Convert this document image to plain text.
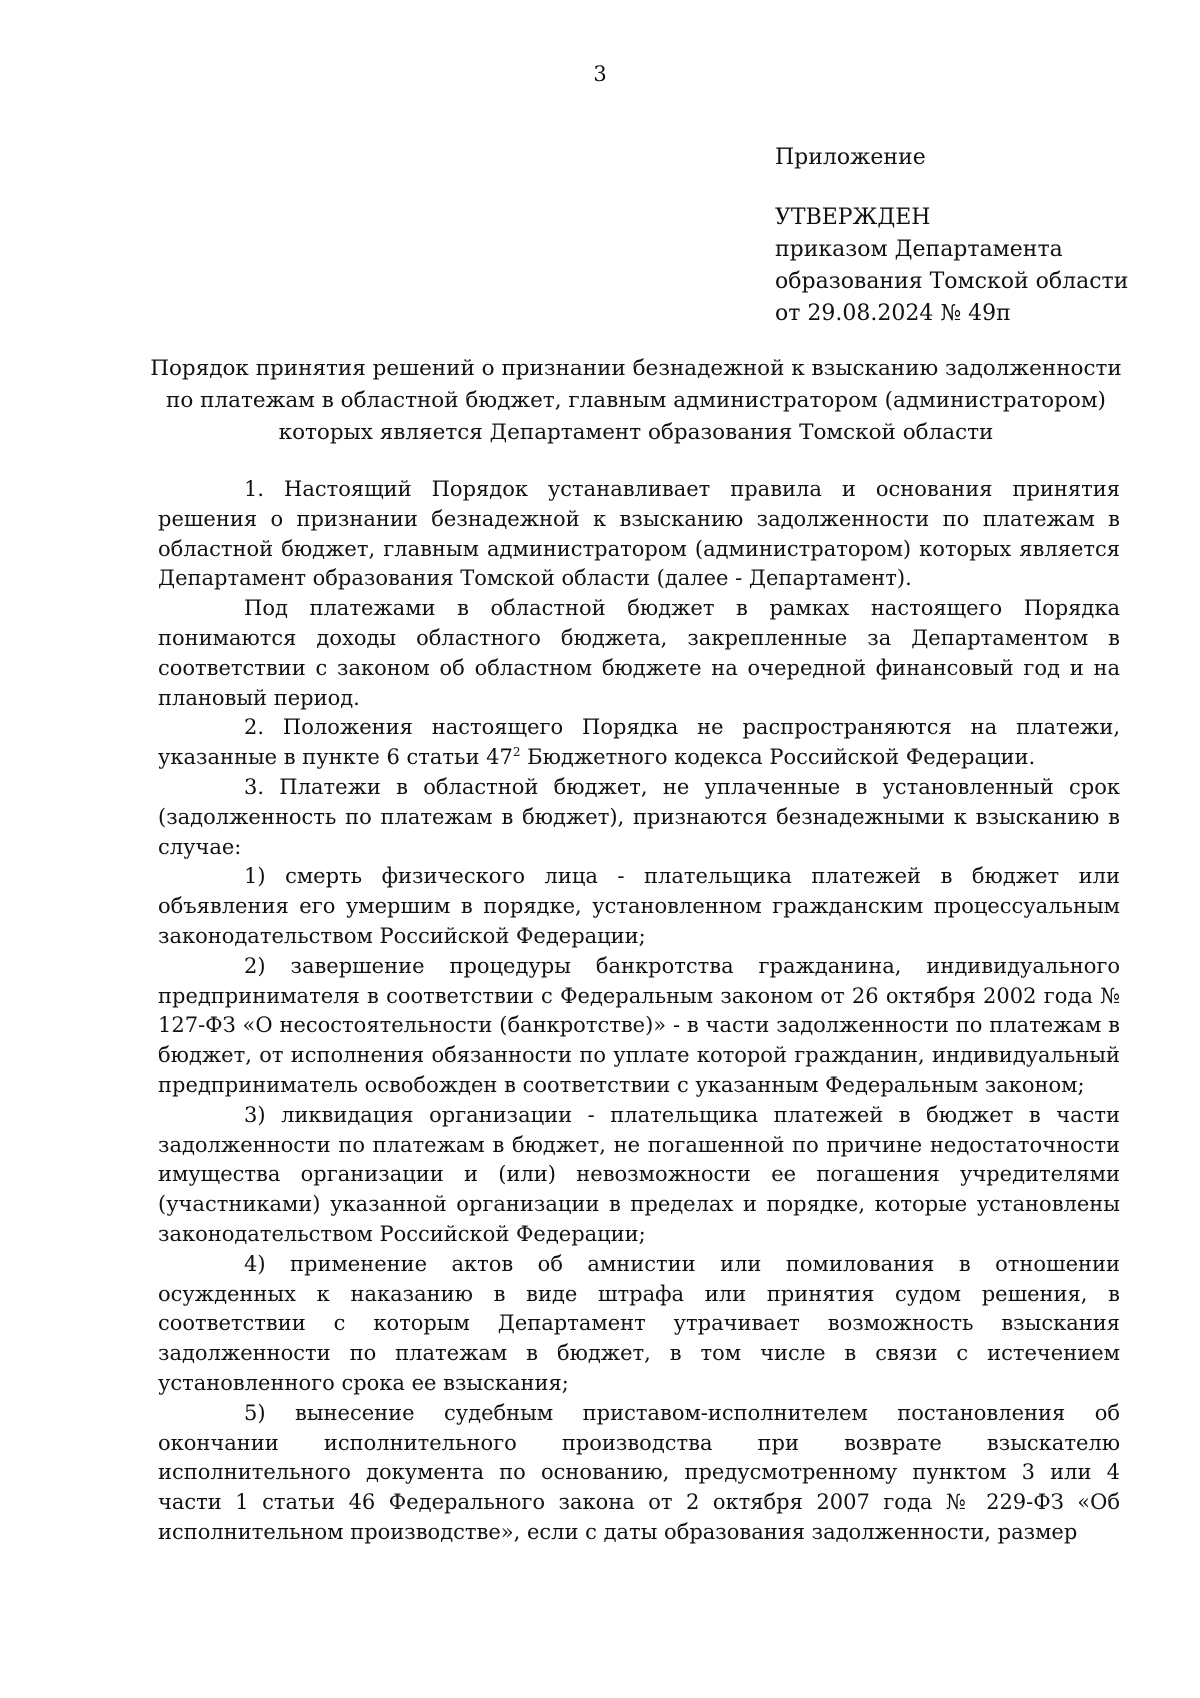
3
Приложение
УТВЕРЖДЕН
приказом Департамента
образования Томской области
от 29.08.2024 № 49п
Порядок принятия решений о признании безнадежной к взысканию задолженности
по платежам в областной бюджет, главным администратором (администратором)
которых является Департамент образования Томской области

1. Настоящий Порядок устанавливает правила и основания принятия решения о признании безнадежной к взысканию задолженности по платежам в областной бюджет, главным администратором (администратором) которых является Департамент образования Томской области (далее - Департамент).

Под платежами в областной бюджет в рамках настоящего Порядка понимаются доходы областного бюджета, закрепленные за Департаментом в соответствии с законом об областном бюджете на очередной финансовый год и на плановый период.

2. Положения настоящего Порядка не распространяются на платежи, указанные в пункте 6 статьи $47^2$ Бюджетного кодекса Российской Федерации.

3. Платежи в областной бюджет, не уплаченные в установленный срок (задолженность по платежам в бюджет), признаются безнадежными к взысканию в случае:

1) смерть физического лица - плательщика платежей в бюджет или объявления его умершим в порядке, установленном гражданским процессуальным законодательством Российской Федерации;

2) завершение процедуры банкротства гражданина, индивидуального предпринимателя в соответствии с Федеральным законом от 26 октября 2002 года № 127-ФЗ «О несостоятельности (банкротстве)» - в части задолженности по платежам в бюджет, от исполнения обязанности по уплате которой гражданин, индивидуальный предприниматель освобожден в соответствии с указанным Федеральным законом;

3) ликвидация организации - плательщика платежей в бюджет в части задолженности по платежам в бюджет, не погашенной по причине недостаточности имущества организации и (или) невозможности ее погашения учредителями (участниками) указанной организации в пределах и порядке, которые установлены законодательством Российской Федерации;

4) применение актов об амнистии или помилования в отношении осужденных к наказанию в виде штрафа или принятия судом решения, в соответствии с которым Департамент утрачивает возможность взыскания задолженности по платежам в бюджет, в том числе в связи с истечением установленного срока ее взыскания;

5) вынесение судебным приставом-исполнителем постановления об окончании исполнительного производства при возврате взыскателю исполнительного документа по основанию, предусмотренному пунктом 3 или 4 части 1 статьи 46 Федерального закона от 2 октября 2007 года № 229-ФЗ «Об исполнительном производстве», если с даты образования задолженности, размер
